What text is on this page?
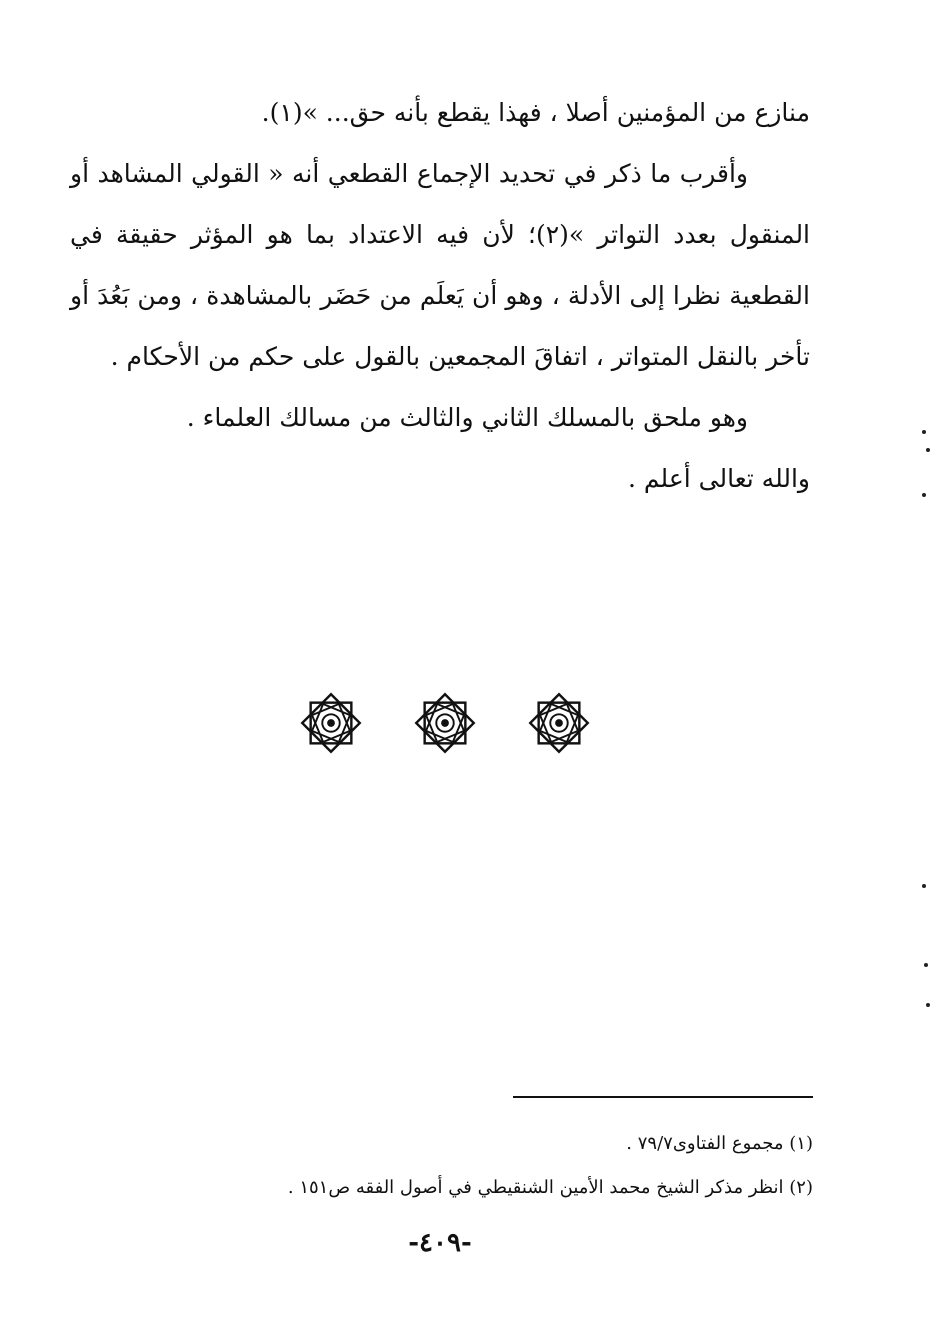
منازع من المؤمنين أصلا ، فهذا يقطع بأنه حق... »(١).

وأقرب ما ذكر في تحديد الإجماع القطعي أنه « القولي المشاهد أو المنقول بعدد التواتر »(٢)؛ لأن فيه الاعتداد بما هو المؤثر حقيقة في القطعية نظرا إلى الأدلة ، وهو أن يَعلَم من حَضَر بالمشاهدة ، ومن بَعُدَ أو تأخر بالنقل المتواتر ، اتفاقَ المجمعين بالقول على حكم من الأحكام .

وهو ملحق بالمسلك الثاني والثالث من مسالك العلماء .

والله تعالى أعلم .

(١) مجموع الفتاوى٧٩/٧ .

(٢) انظر مذكر الشيخ محمد الأمين الشنقيطي في أصول الفقه ص١٥١ .

-٤٠٩-
